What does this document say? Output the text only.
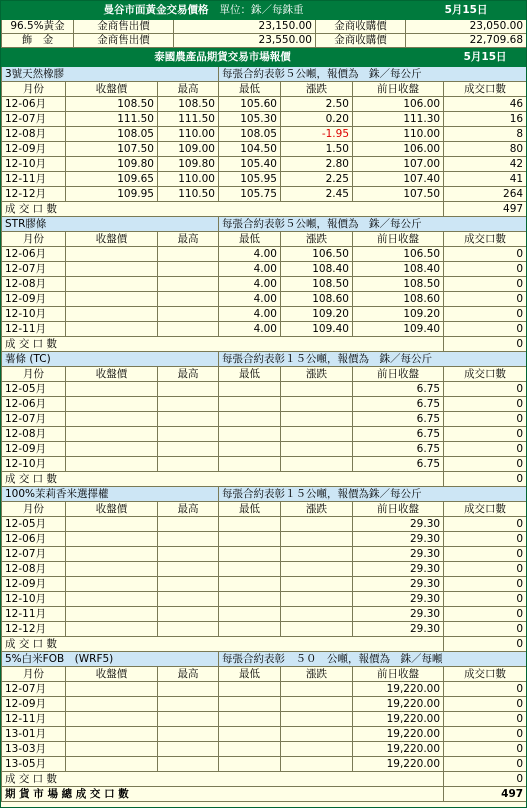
曼谷市面黃金交易價格 單位：銖／每銖重				5月15日
96.5%黃金	金商售出價	23,150.00	金商收購價	23,050.00
飾　金	金商售出價	23,550.00	金商收購價	22,709.68
泰國農產品期貨交易市場報價						5月15日
3號天然橡膠			每張合約表彰５公噸，報價為　銖／每公斤			
月份	收盤價	最高	最低	漲跌	前日收盤	成交口數
12-06月	108.50	108.50	105.60	2.50	106.00	46
12-07月	111.50	111.50	105.30	0.20	111.30	16
12-08月	108.05	110.00	108.05	-1.95	110.00	8
12-09月	107.50	109.00	104.50	1.50	106.00	80
12-10月	109.80	109.80	105.40	2.80	107.00	42
12-11月	109.65	110.00	105.95	2.25	107.40	41
12-12月	109.95	110.50	105.75	2.45	107.50	264
成 交 口 數						497
STR膠條			每張合約表彰５公噸，報價為　銖／每公斤			
月份	收盤價	最高	最低	漲跌	前日收盤	成交口數
12-06月			4.00	106.50	106.50	0
12-07月			4.00	108.40	108.40	0
12-08月			4.00	108.50	108.50	0
12-09月			4.00	108.60	108.60	0
12-10月			4.00	109.20	109.20	0
12-11月			4.00	109.40	109.40	0
成 交 口 數						0
薯條 (TC)			每張合約表彰１５公噸，報價為　銖／每公斤			
月份	收盤價	最高	最低	漲跌	前日收盤	成交口數
12-05月					6.75	0
12-06月					6.75	0
12-07月					6.75	0
12-08月					6.75	0
12-09月					6.75	0
12-10月					6.75	0
成 交 口 數						0
100%茉莉香米選擇權			每張合約表彰１５公噸，報價為銖／每公斤			
月份	收盤價	最高	最低	漲跌	前日收盤	成交口數
12-05月					29.30	0
12-06月					29.30	0
12-07月					29.30	0
12-08月					29.30	0
12-09月					29.30	0
12-10月					29.30	0
12-11月					29.30	0
12-12月					29.30	0
成 交 口 數						0
5%白米FOB　(WRF5)			每張合約表彰　５０　公噸，報價為　銖／每噸			
月份	收盤價	最高	最低	漲跌	前日收盤	成交口數
12-07月					19,220.00	0
12-09月					19,220.00	0
12-11月					19,220.00	0
13-01月					19,220.00	0
13-03月					19,220.00	0
13-05月					19,220.00	0
成 交 口 數						0
期 貨 市 場 總 成 交 口 數						497
